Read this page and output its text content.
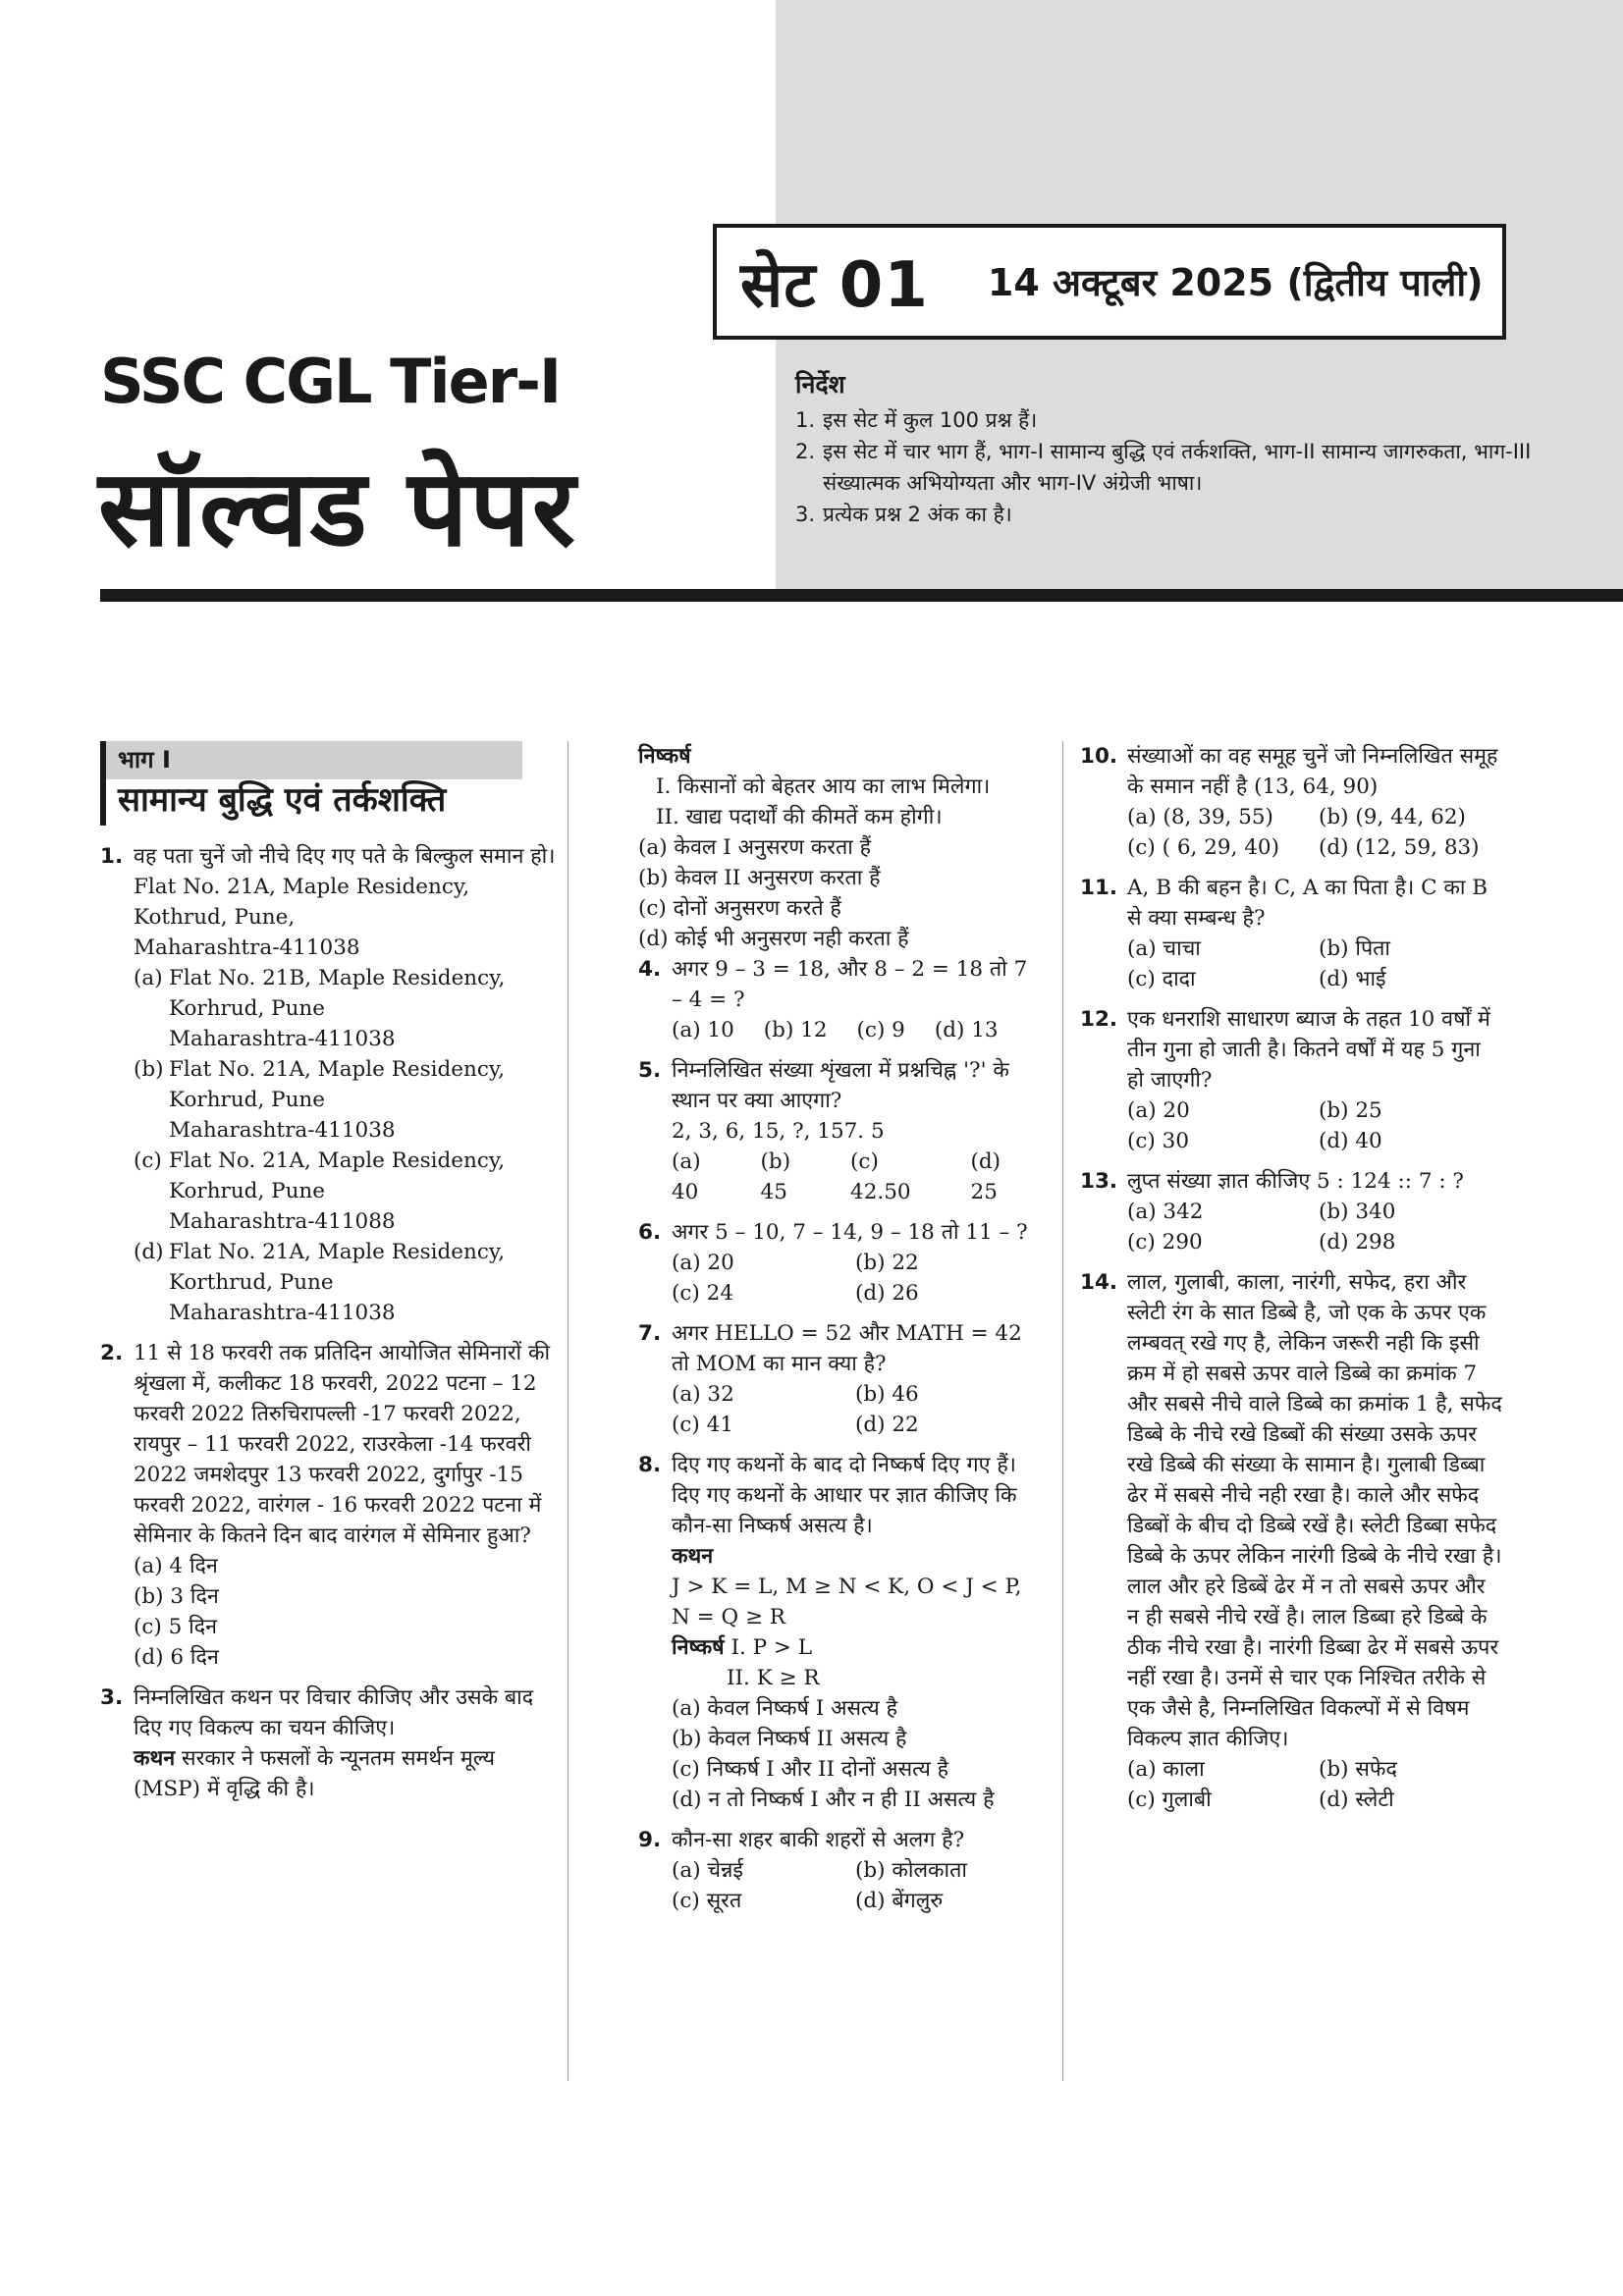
सेट 01 14 अक्टूबर 2025 (द्वितीय पाली)
SSC CGL Tier-I
सॉल्वड पेपर
निर्देश
1. इस सेट में कुल 100 प्रश्न हैं।
2. इस सेट में चार भाग हैं, भाग-I सामान्य बुद्धि एवं तर्कशक्ति, भाग-II सामान्य जागरुकता, भाग-III संख्यात्मक अभियोग्यता और भाग-IV अंग्रेजी भाषा।
3. प्रत्येक प्रश्न 2 अंक का है।
भाग I
सामान्य बुद्धि एवं तर्कशक्ति
1. वह पता चुनें जो नीचे दिए गए पते के बिल्कुल समान हो।
Flat No. 21A, Maple Residency,
Kothrud, Pune,
Maharashtra-411038
(a) Flat No. 21B, Maple Residency,
Korhrud, Pune
Maharashtra-411038
(b) Flat No. 21A, Maple Residency,
Korhrud, Pune
Maharashtra-411038
(c) Flat No. 21A, Maple Residency,
Korhrud, Pune
Maharashtra-411088
(d) Flat No. 21A, Maple Residency,
Korthrud, Pune
Maharashtra-411038
2. 11 से 18 फरवरी तक प्रतिदिन आयोजित सेमिनारों की श्रृंखला में, कलीकट 18 फरवरी, 2022 पटना – 12 फरवरी 2022 तिरुचिरापल्ली -17 फरवरी 2022, रायपुर – 11 फरवरी 2022, राउरकेला -14 फरवरी 2022 जमशेदपुर 13 फरवरी 2022, दुर्गापुर -15 फरवरी 2022, वारंगल - 16 फरवरी 2022 पटना में सेमिनार के कितने दिन बाद वारंगल में सेमिनार हुआ?
(a) 4 दिन
(b) 3 दिन
(c) 5 दिन
(d) 6 दिन
3. निम्नलिखित कथन पर विचार कीजिए और उसके बाद दिए गए विकल्प का चयन कीजिए।
कथन सरकार ने फसलों के न्यूनतम समर्थन मूल्य (MSP) में वृद्धि की है।
निष्कर्ष
I. किसानों को बेहतर आय का लाभ मिलेगा।
II. खाद्य पदार्थों की कीमतें कम होगी।
(a) केवल I अनुसरण करता हैं
(b) केवल II अनुसरण करता हैं
(c) दोनों अनुसरण करते हैं
(d) कोई भी अनुसरण नही करता हैं
4. अगर 9 – 3 = 18, और 8 – 2 = 18 तो 7 – 4 = ?
(a) 10 (b) 12 (c) 9 (d) 13
5. निम्नलिखित संख्या शृंखला में प्रश्नचिह्न '?' के स्थान पर क्या आएगा?
2, 3, 6, 15, ?, 157. 5
(a) 40
(b) 45
(c) 42.50
(d) 25
6. अगर 5 – 10, 7 – 14, 9 – 18 तो 11 – ?
(a) 20	(b) 22
(c) 24	(d) 26
7. अगर HELLO = 52 और MATH = 42 तो MOM का मान क्या है?
(a) 32	(b) 46
(c) 41	(d) 22
8. दिए गए कथनों के बाद दो निष्कर्ष दिए गए हैं। दिए गए कथनों के आधार पर ज्ञात कीजिए कि कौन-सा निष्कर्ष असत्य है।
कथन
J > K = L, M ≥ N < K, O < J < P, N = Q ≥ R
निष्कर्ष I. P > L
II. K ≥ R
(a) केवल निष्कर्ष I असत्य है
(b) केवल निष्कर्ष II असत्य है
(c) निष्कर्ष I और II दोनों असत्य है
(d) न तो निष्कर्ष I और न ही II असत्य है
9. कौन-सा शहर बाकी शहरों से अलग है?
(a) चेन्नई	(b) कोलकाता
(c) सूरत	(d) बेंगलुरु
10. संख्याओं का वह समूह चुनें जो निम्नलिखित समूह के समान नहीं है (13, 64, 90)
(a) (8, 39, 55)	(b) (9, 44, 62)
(c) ( 6, 29, 40)	(d) (12, 59, 83)
11. A, B की बहन है। C, A का पिता है। C का B से क्या सम्बन्ध है?
(a) चाचा	(b) पिता
(c) दादा	(d) भाई
12. एक धनराशि साधारण ब्याज के तहत 10 वर्षों में तीन गुना हो जाती है। कितने वर्षों में यह 5 गुना हो जाएगी?
(a) 20	(b) 25
(c) 30	(d) 40
13. लुप्त संख्या ज्ञात कीजिए 5 : 124 :: 7 : ?
(a) 342	(b) 340
(c) 290	(d) 298
14. लाल, गुलाबी, काला, नारंगी, सफेद, हरा और स्लेटी रंग के सात डिब्बे है, जो एक के ऊपर एक लम्बवत् रखे गए है, लेकिन जरूरी नही कि इसी क्रम में हो सबसे ऊपर वाले डिब्बे का क्रमांक 7 और सबसे नीचे वाले डिब्बे का क्रमांक 1 है, सफेद डिब्बे के नीचे रखे डिब्बों की संख्या उसके ऊपर रखे डिब्बे की संख्या के सामान है। गुलाबी डिब्बा ढेर में सबसे नीचे नही रखा है। काले और सफेद डिब्बों के बीच दो डिब्बे रखें है। स्लेटी डिब्बा सफेद डिब्बे के ऊपर लेकिन नारंगी डिब्बे के नीचे रखा है। लाल और हरे डिब्बें ढेर में न तो सबसे ऊपर और न ही सबसे नीचे रखें है। लाल डिब्बा हरे डिब्बे के ठीक नीचे रखा है। नारंगी डिब्बा ढेर में सबसे ऊपर नहीं रखा है। उनमें से चार एक निश्चित तरीके से एक जैसे है, निम्नलिखित विकल्पों में से विषम विकल्प ज्ञात कीजिए।
(a) काला	(b) सफेद
(c) गुलाबी	(d) स्लेटी
